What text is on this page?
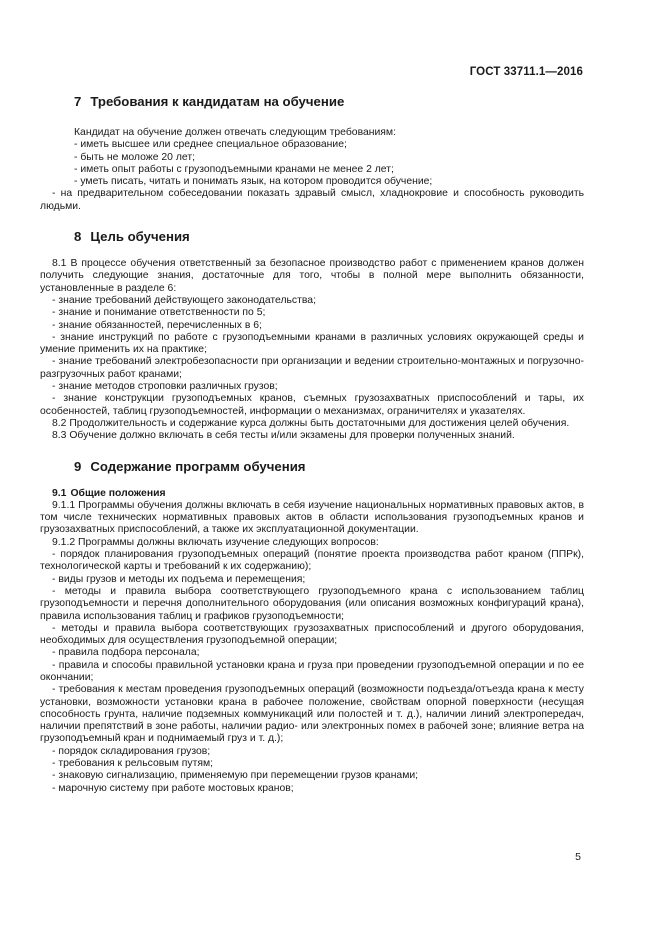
ГОСТ 33711.1—2016
7 Требования к кандидатам на обучение

Кандидат на обучение должен отвечать следующим требованиям:

- иметь высшее или среднее специальное образование;

- быть не моложе 20 лет;

- иметь опыт работы с грузоподъемными кранами не менее 2 лет;

- уметь писать, читать и понимать язык, на котором проводится обучение;

- на предварительном собеседовании показать здравый смысл, хладнокровие и способность руководить людьми.

8 Цель обучения

8.1 В процессе обучения ответственный за безопасное производство работ с применением кранов должен получить следующие знания, достаточные для того, чтобы в полной мере выполнить обязанности, установленные в разделе 6:

- знание требований действующего законодательства;

- знание и понимание ответственности по 5;

- знание обязанностей, перечисленных в 6;

- знание инструкций по работе с грузоподъемными кранами в различных условиях окружающей среды и умение применить их на практике;

- знание требований электробезопасности при организации и ведении строительно-монтажных и погрузочно-разгрузочных работ кранами;

- знание методов строповки различных грузов;

- знание конструкции грузоподъемных кранов, съемных грузозахватных приспособлений и тары, их особенностей, таблиц грузоподъемностей, информации о механизмах, ограничителях и указателях.

8.2 Продолжительность и содержание курса должны быть достаточными для достижения целей обучения.

8.3 Обучение должно включать в себя тесты и/или экзамены для проверки полученных знаний.

9 Содержание программ обучения
9.1 Общие положения

9.1.1 Программы обучения должны включать в себя изучение национальных нормативных правовых актов, в том числе технических нормативных правовых актов в области использования грузоподъемных кранов и грузозахватных приспособлений, а также их эксплуатационной документации.

9.1.2 Программы должны включать изучение следующих вопросов:

- порядок планирования грузоподъемных операций (понятие проекта производства работ краном (ППРк), технологической карты и требований к их содержанию);

- виды грузов и методы их подъема и перемещения;

- методы и правила выбора соответствующего грузоподъемного крана с использованием таблиц грузоподъемности и перечня дополнительного оборудования (или описания возможных конфигураций крана), правила использования таблиц и графиков грузоподъемности;

- методы и правила выбора соответствующих грузозахватных приспособлений и другого оборудования, необходимых для осуществления грузоподъемной операции;

- правила подбора персонала;

- правила и способы правильной установки крана и груза при проведении грузоподъемной операции и по ее окончании;

- требования к местам проведения грузоподъемных операций (возможности подъезда/отъезда крана к месту установки, возможности установки крана в рабочее положение, свойствам опорной поверхности (несущая способность грунта, наличие подземных коммуникаций или полостей и т. д.), наличии линий электропередач, наличии препятствий в зоне работы, наличии радио- или электронных помех в рабочей зоне; влияние ветра на грузоподъемный кран и поднимаемый груз и т. д.);

- порядок складирования грузов;

- требования к рельсовым путям;

- знаковую сигнализацию, применяемую при перемещении грузов кранами;

- марочную систему при работе мостовых кранов;

5
